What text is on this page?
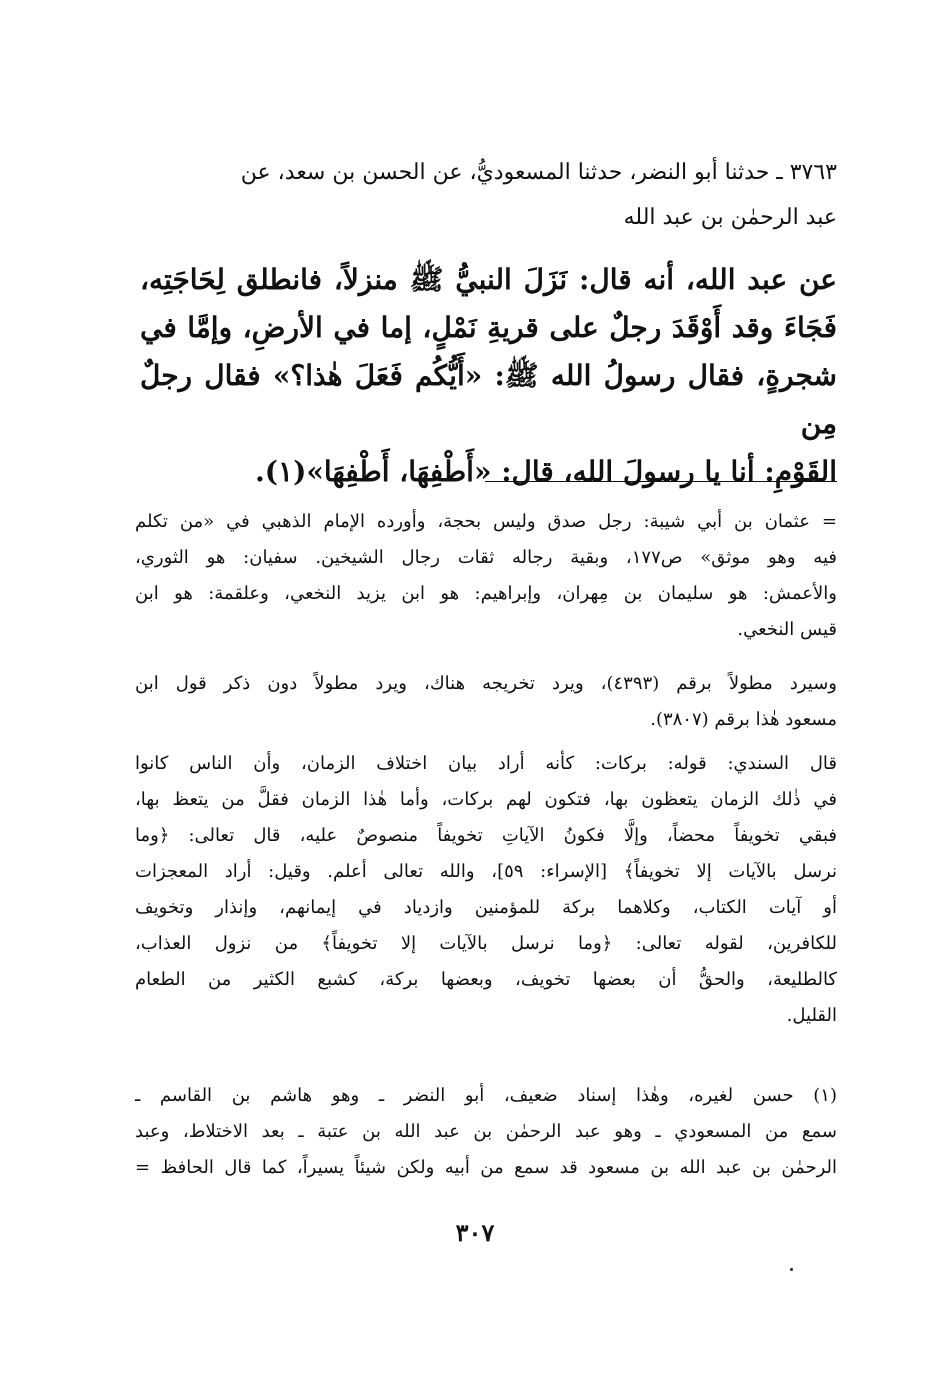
٣٧٦٣ ـ حدثنا أبو النضر، حدثنا المسعوديُّ، عن الحسن بن سعد، عن
عبد الرحمٰن بن عبد الله
عن عبد الله، أنه قال: نَزَلَ النبيُّ ﷺ منزلاً، فانطلق لِحَاجَتِه،
فَجَاءَ وقد أَوْقَدَ رجلٌ على قريةِ نَمْلٍ، إما في الأرضِ، وإمَّا في
شجرةٍ، فقال رسولُ الله ﷺ: «أَيُّكُم فَعَلَ هٰذا؟» فقال رجلٌ مِن
القَوْمِ: أنا يا رسولَ الله، قال: «أَطْفِهَا، أَطْفِهَا»(١).
= عثمان بن أبي شيبة: رجل صدق وليس بحجة، وأورده الإمام الذهبي في «من تكلم
فيه وهو موثق» ص١٧٧، وبقية رجاله ثقات رجال الشيخين. سفيان: هو الثوري،
والأعمش: هو سليمان بن مِهران، وإبراهيم: هو ابن يزيد النخعي، وعلقمة: هو ابن
قيس النخعي.
وسيرد مطولاً برقم (٤٣٩٣)، ويرد تخريجه هناك، ويرد مطولاً دون ذكر قول ابن
مسعود هٰذا برقم (٣٨٠٧).
قال السندي: قوله: بركات: كأنه أراد بيان اختلاف الزمان، وأن الناس كانوا
في ذٰلك الزمان يتعظون بها، فتكون لهم بركات، وأما هٰذا الزمان فقلَّ من يتعظ بها،
فبقي تخويفاً محضاً، وإلَّا فكونُ الآياتِ تخويفاً منصوصٌ عليه، قال تعالى: ﴿وما
نرسل بالآيات إلا تخويفاً﴾ [الإسراء: ٥٩]، والله تعالى أعلم. وقيل: أراد المعجزات
أو آيات الكتاب، وكلاهما بركة للمؤمنين وازدياد في إيمانهم، وإنذار وتخويف
للكافرين، لقوله تعالى: ﴿وما نرسل بالآيات إلا تخويفاً﴾ من نزول العذاب،
كالطليعة، والحقُّ أن بعضها تخويف، وبعضها بركة، كشبع الكثير من الطعام
القليل.
(١) حسن لغيره، وهٰذا إسناد ضعيف، أبو النضر ـ وهو هاشم بن القاسم ـ
سمع من المسعودي ـ وهو عبد الرحمٰن بن عبد الله بن عتبة ـ بعد الاختلاط، وعبد
الرحمٰن بن عبد الله بن مسعود قد سمع من أبيه ولكن شيئاً يسيراً، كما قال الحافظ =
٣٠٧
